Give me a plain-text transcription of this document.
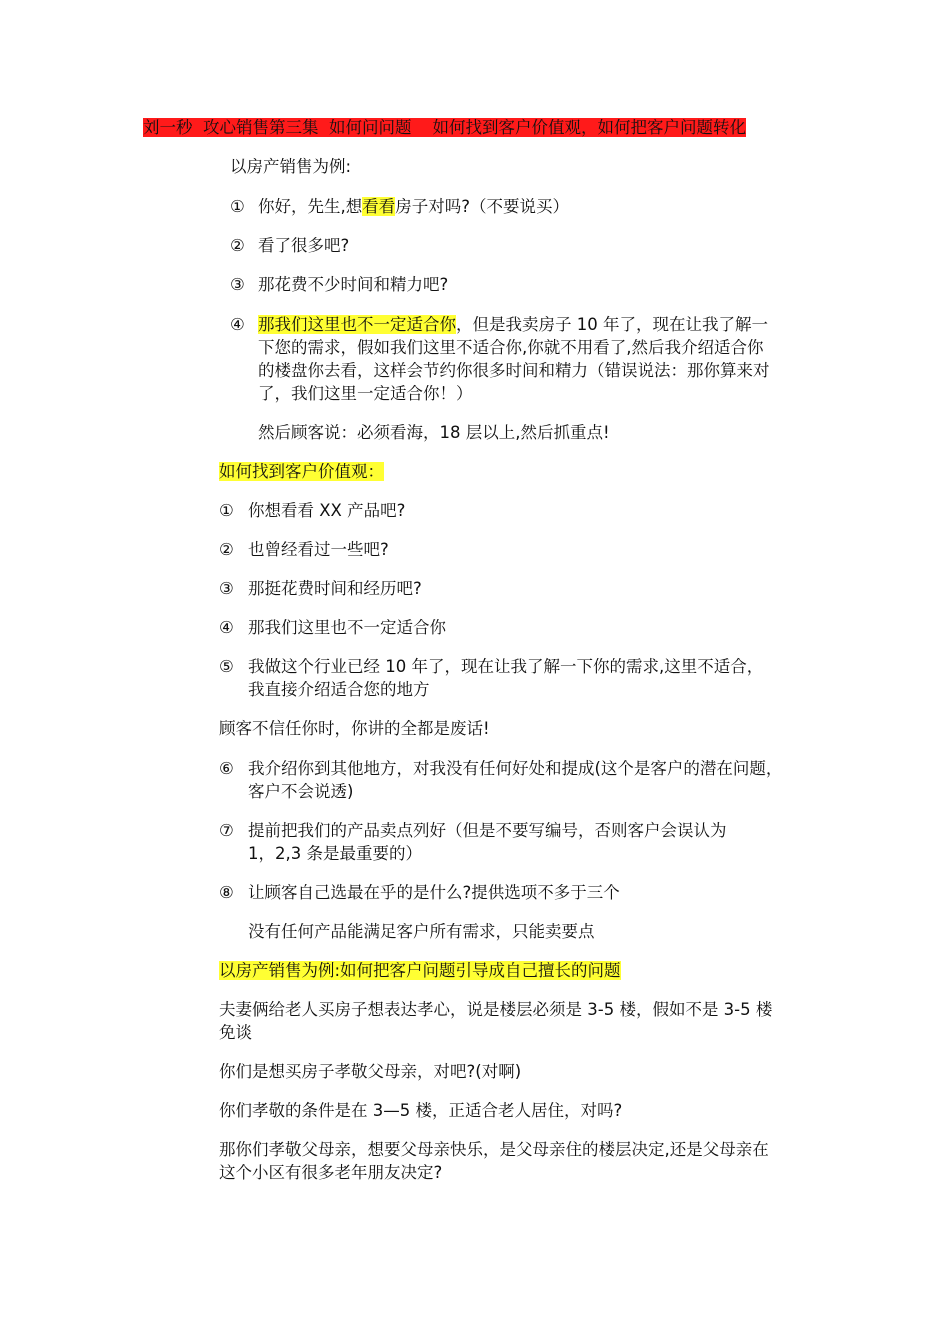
刘一秒 攻心销售第三集 如何问问题 如何找到客户价值观，如何把客户问题转化
以房产销售为例:
① 你好，先生,想看看房子对吗?（不要说买）
② 看了很多吧?
③ 那花费不少时间和精力吧?
④ 那我们这里也不一定适合你，但是我卖房子 10 年了，现在让我了解一
下您的需求，假如我们这里不适合你,你就不用看了,然后我介绍适合你
的楼盘你去看，这样会节约你很多时间和精力（错误说法：那你算来对
了，我们这里一定适合你！）
然后顾客说：必须看海，18 层以上,然后抓重点!
如何找到客户价值观：
① 你想看看 XX 产品吧?
② 也曾经看过一些吧?
③ 那挺花费时间和经历吧?
④ 那我们这里也不一定适合你
⑤ 我做这个行业已经 10 年了，现在让我了解一下你的需求,这里不适合，
我直接介绍适合您的地方
顾客不信任你时，你讲的全都是废话!
⑥ 我介绍你到其他地方，对我没有任何好处和提成(这个是客户的潜在问题，
客户不会说透)
⑦ 提前把我们的产品卖点列好（但是不要写编号，否则客户会误认为
1，2,3 条是最重要的）
⑧ 让顾客自己选最在乎的是什么?提供选项不多于三个
没有任何产品能满足客户所有需求，只能卖要点
以房产销售为例:如何把客户问题引导成自己擅长的问题
夫妻俩给老人买房子想表达孝心，说是楼层必须是 3-5 楼，假如不是 3-5 楼
免谈
你们是想买房子孝敬父母亲，对吧?(对啊)
你们孝敬的条件是在 3—5 楼，正适合老人居住，对吗?
那你们孝敬父母亲，想要父母亲快乐，是父母亲住的楼层决定,还是父母亲在
这个小区有很多老年朋友决定?
